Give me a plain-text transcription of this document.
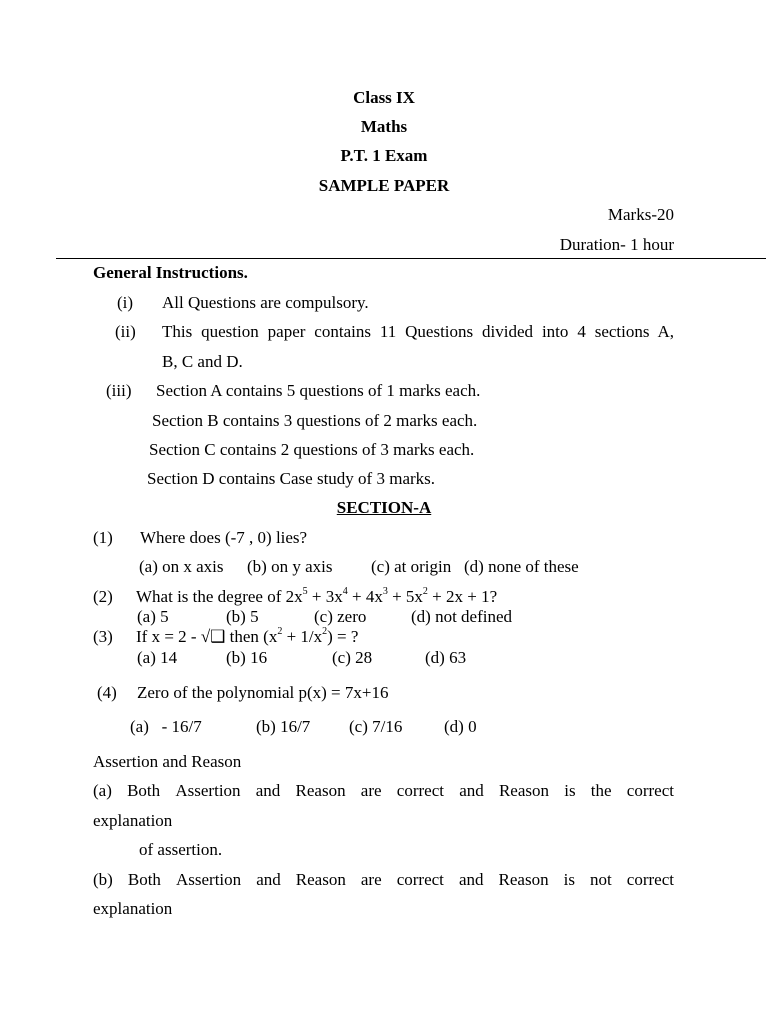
Class IX
Maths
P.T. 1 Exam
SAMPLE PAPER
Marks-20
Duration- 1 hour
General Instructions.
(i) All Questions are compulsory.
(ii) This question paper contains 11 Questions divided into 4 sections A,
B, C and D.
(iii) Section A contains 5 questions of 1 marks each.
Section B contains 3 questions of 2 marks each.
Section C contains 2 questions of 3 marks each.
Section D contains Case study of 3 marks.
SECTION-A
(1) Where does (-7 , 0) lies?
(a) on x axis (b) on y axis (c) at origin (d) none of these
(2) What is the degree of $2x^5 + 3x^4 + 4x^3 + 5x^2 + 2x + 1$?
(a) 5	(b) 5	(c) zero	(d) not defined
(3) If x = 2 - √❑ then $(x^2 + 1/x^2)$ = ?
(a) 14	(b) 16	(c) 28	(d) 63
(4) Zero of the polynomial p(x) = 7x+16
(a)   - 16/7	(b) 16/7 (c) 7/16 (d) 0
Assertion and Reason
(a) Both Assertion and Reason are correct and Reason is the correct
explanation
of assertion.
(b) Both Assertion and Reason are correct and Reason is not correct
explanation
